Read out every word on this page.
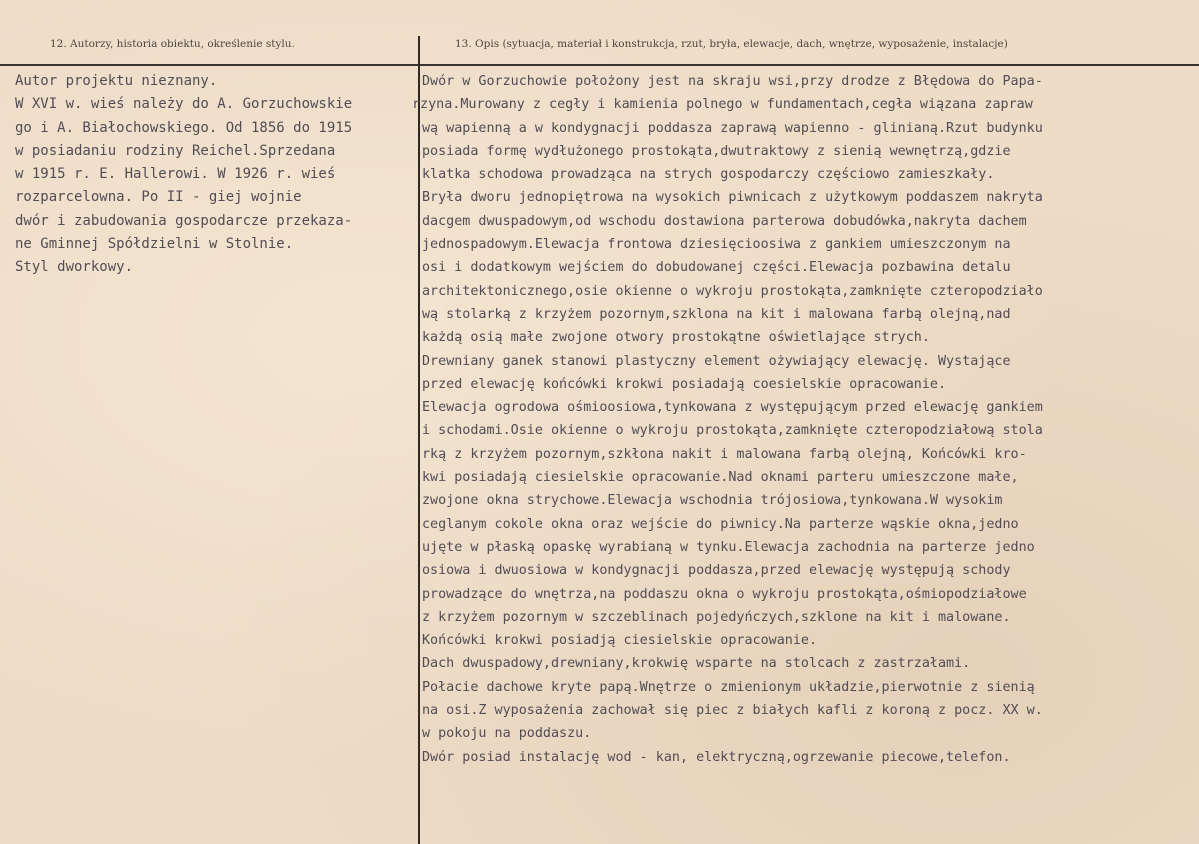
12. Autorzy, historia obiektu, określenie stylu.	13. Opis (sytuacja, materiał i konstrukcja, rzut, bryła, elewacje, dach, wnętrze, wyposażenie, instalacje)

Autor projektu nieznany.
W XVI w. wieś należy do A. Gorzuchowskie
go i A. Białochowskiego. Od 1856 do 1915
w posiadaniu rodziny Reichel.Sprzedana
w 1915 r. E. Hallerowi. W 1926 r. wieś
rozparcelowna. Po II - giej wojnie
dwór i zabudowania gospodarcze przekaza-
ne Gminnej Spółdzielni w Stolnie.
Styl dworkowy.
Dwór w Gorzuchowie położony jest na skraju wsi,przy drodze z Błędowa do Papa-
rzyna.Murowany z cegły i kamienia polnego w fundamentach,cegła wiązana zapraw
wą wapienną a w kondygnacji poddasza zaprawą wapienno - glinianą.Rzut budynku
posiada formę wydłużonego prostokąta,dwutraktowy z sienią wewnętrzą,gdzie
klatka schodowa prowadząca na strych gospodarczy częściowo zamieszkały.
Bryła dworu jednopiętrowa na wysokich piwnicach z użytkowym poddaszem nakryta
dacgem dwuspadowym,od wschodu dostawiona parterowa dobudówka,nakryta dachem
jednospadowym.Elewacja frontowa dziesięcioosiwa z gankiem umieszczonym na
osi i dodatkowym wejściem do dobudowanej części.Elewacja pozbawina detalu
architektonicznego,osie okienne o wykroju prostokąta,zamknięte czteropodziało
wą stolarką z krzyżem pozornym,szklona na kit i malowana farbą olejną,nad
każdą osią małe zwojone otwory prostokątne oświetlające strych.
Drewniany ganek stanowi plastyczny element ożywiający elewację. Wystające
przed elewację końcówki krokwi posiadają coesielskie opracowanie.
Elewacja ogrodowa ośmioosiowa,tynkowana z występującym przed elewację gankiem
i schodami.Osie okienne o wykroju prostokąta,zamknięte czteropodziałową stola
rką z krzyżem pozornym,szkłona nakit i malowana farbą olejną, Końcówki kro-
kwi posiadają ciesielskie opracowanie.Nad oknami parteru umieszczone małe,
zwojone okna strychowe.Elewacja wschodnia trójosiowa,tynkowana.W wysokim
ceglanym cokole okna oraz wejście do piwnicy.Na parterze wąskie okna,jedno
ujęte w płaską opaskę wyrabianą w tynku.Elewacja zachodnia na parterze jedno
osiowa i dwuosiowa w kondygnacji poddasza,przed elewację występują schody
prowadzące do wnętrza,na poddaszu okna o wykroju prostokąta,ośmiopodziałowe
z krzyżem pozornym w szczeblinach pojedyńczych,szklone na kit i malowane.
Końcówki krokwi posiadją ciesielskie opracowanie.
Dach dwuspadowy,drewniany,krokwię wsparte na stolcach z zastrzałami.
Połacie dachowe kryte papą.Wnętrze o zmienionym układzie,pierwotnie z sienią
na osi.Z wyposażenia zachował się piec z białych kafli z koroną z pocz. XX w.
w pokoju na poddaszu.
Dwór posiad instalację wod - kan, elektryczną,ogrzewanie piecowe,telefon.
